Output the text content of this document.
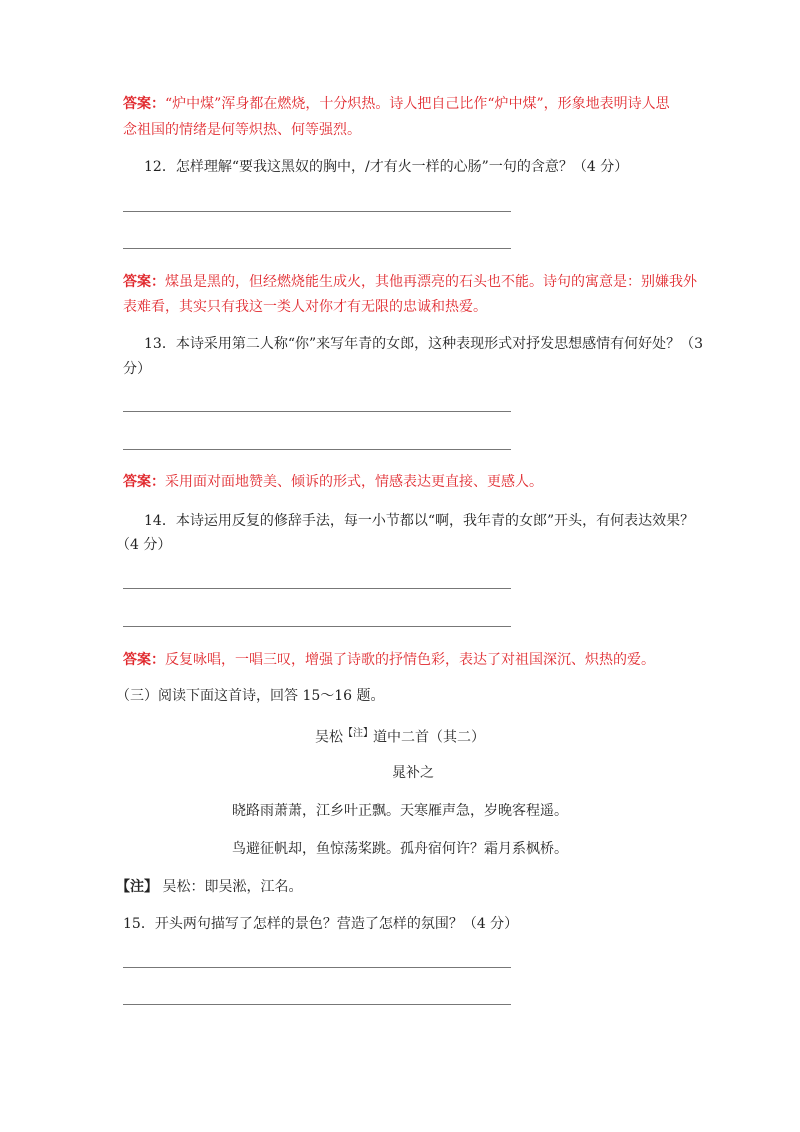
答案：“炉中煤”浑身都在燃烧，十分炽热。诗人把自己比作“炉中煤”，形象地表明诗人思
念祖国的情绪是何等炽热、何等强烈。
12．怎样理解“要我这黑奴的胸中，/才有火一样的心肠”一句的含意？（4 分）
答案：煤虽是黑的，但经燃烧能生成火，其他再漂亮的石头也不能。诗句的寓意是：别嫌我外
表难看，其实只有我这一类人对你才有无限的忠诚和热爱。
13．本诗采用第二人称“你”来写年青的女郎，这种表现形式对抒发思想感情有何好处？（3
分）
答案：采用面对面地赞美、倾诉的形式，情感表达更直接、更感人。
14．本诗运用反复的修辞手法，每一小节都以“啊，我年青的女郎”开头，有何表达效果？
（4 分）
答案：反复咏唱，一唱三叹，增强了诗歌的抒情色彩，表达了对祖国深沉、炽热的爱。
（三）阅读下面这首诗，回答 15～16 题。
吴松$^{【注】}$道中二首（其二）
晁补之
晓路雨萧萧，江乡叶正飘。天寒雁声急，岁晚客程遥。
鸟避征帆却，鱼惊荡桨跳。孤舟宿何许？霜月系枫桥。
【注】 吴松：即吴淞，江名。
15．开头两句描写了怎样的景色？营造了怎样的氛围？（4 分）
